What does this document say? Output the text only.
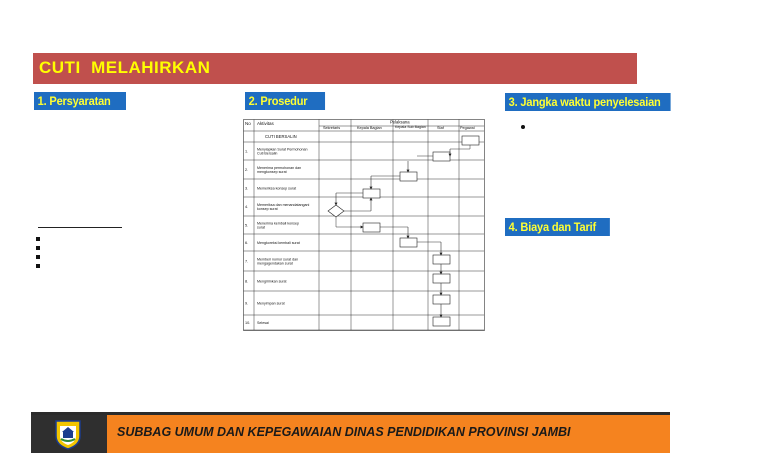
CUTI  MELAHIRKAN
1. Persyaratan	2. Prosedur	3. Jangka waktu penyelesaian
4. Biaya dan Tarif
No Aktivitas	Pelaksana
Sekretaris	Kepala Bagian	Kepala Sub Bagian	Staf	Pegawai
CUTI BERSALIN
1.
Menyiapkan Surat Permohonan
Cuti Bersalin
2.
Menerima permohonan dan
mengkonsep surat
3. Memeriksa konsep surat
4.
Memeriksa dan menandatangani
konsep surat
5.
Menerima kembali konsep
surat
6. Mengkoreksi kembali surat
7.
Memberi nomor surat dan
mengagendakan surat
8. Mengirimkan surat
9. Menyimpan surat
10. Selesai
SUBBAG UMUM DAN KEPEGAWAIAN DINAS PENDIDIKAN PROVINSI JAMBI
